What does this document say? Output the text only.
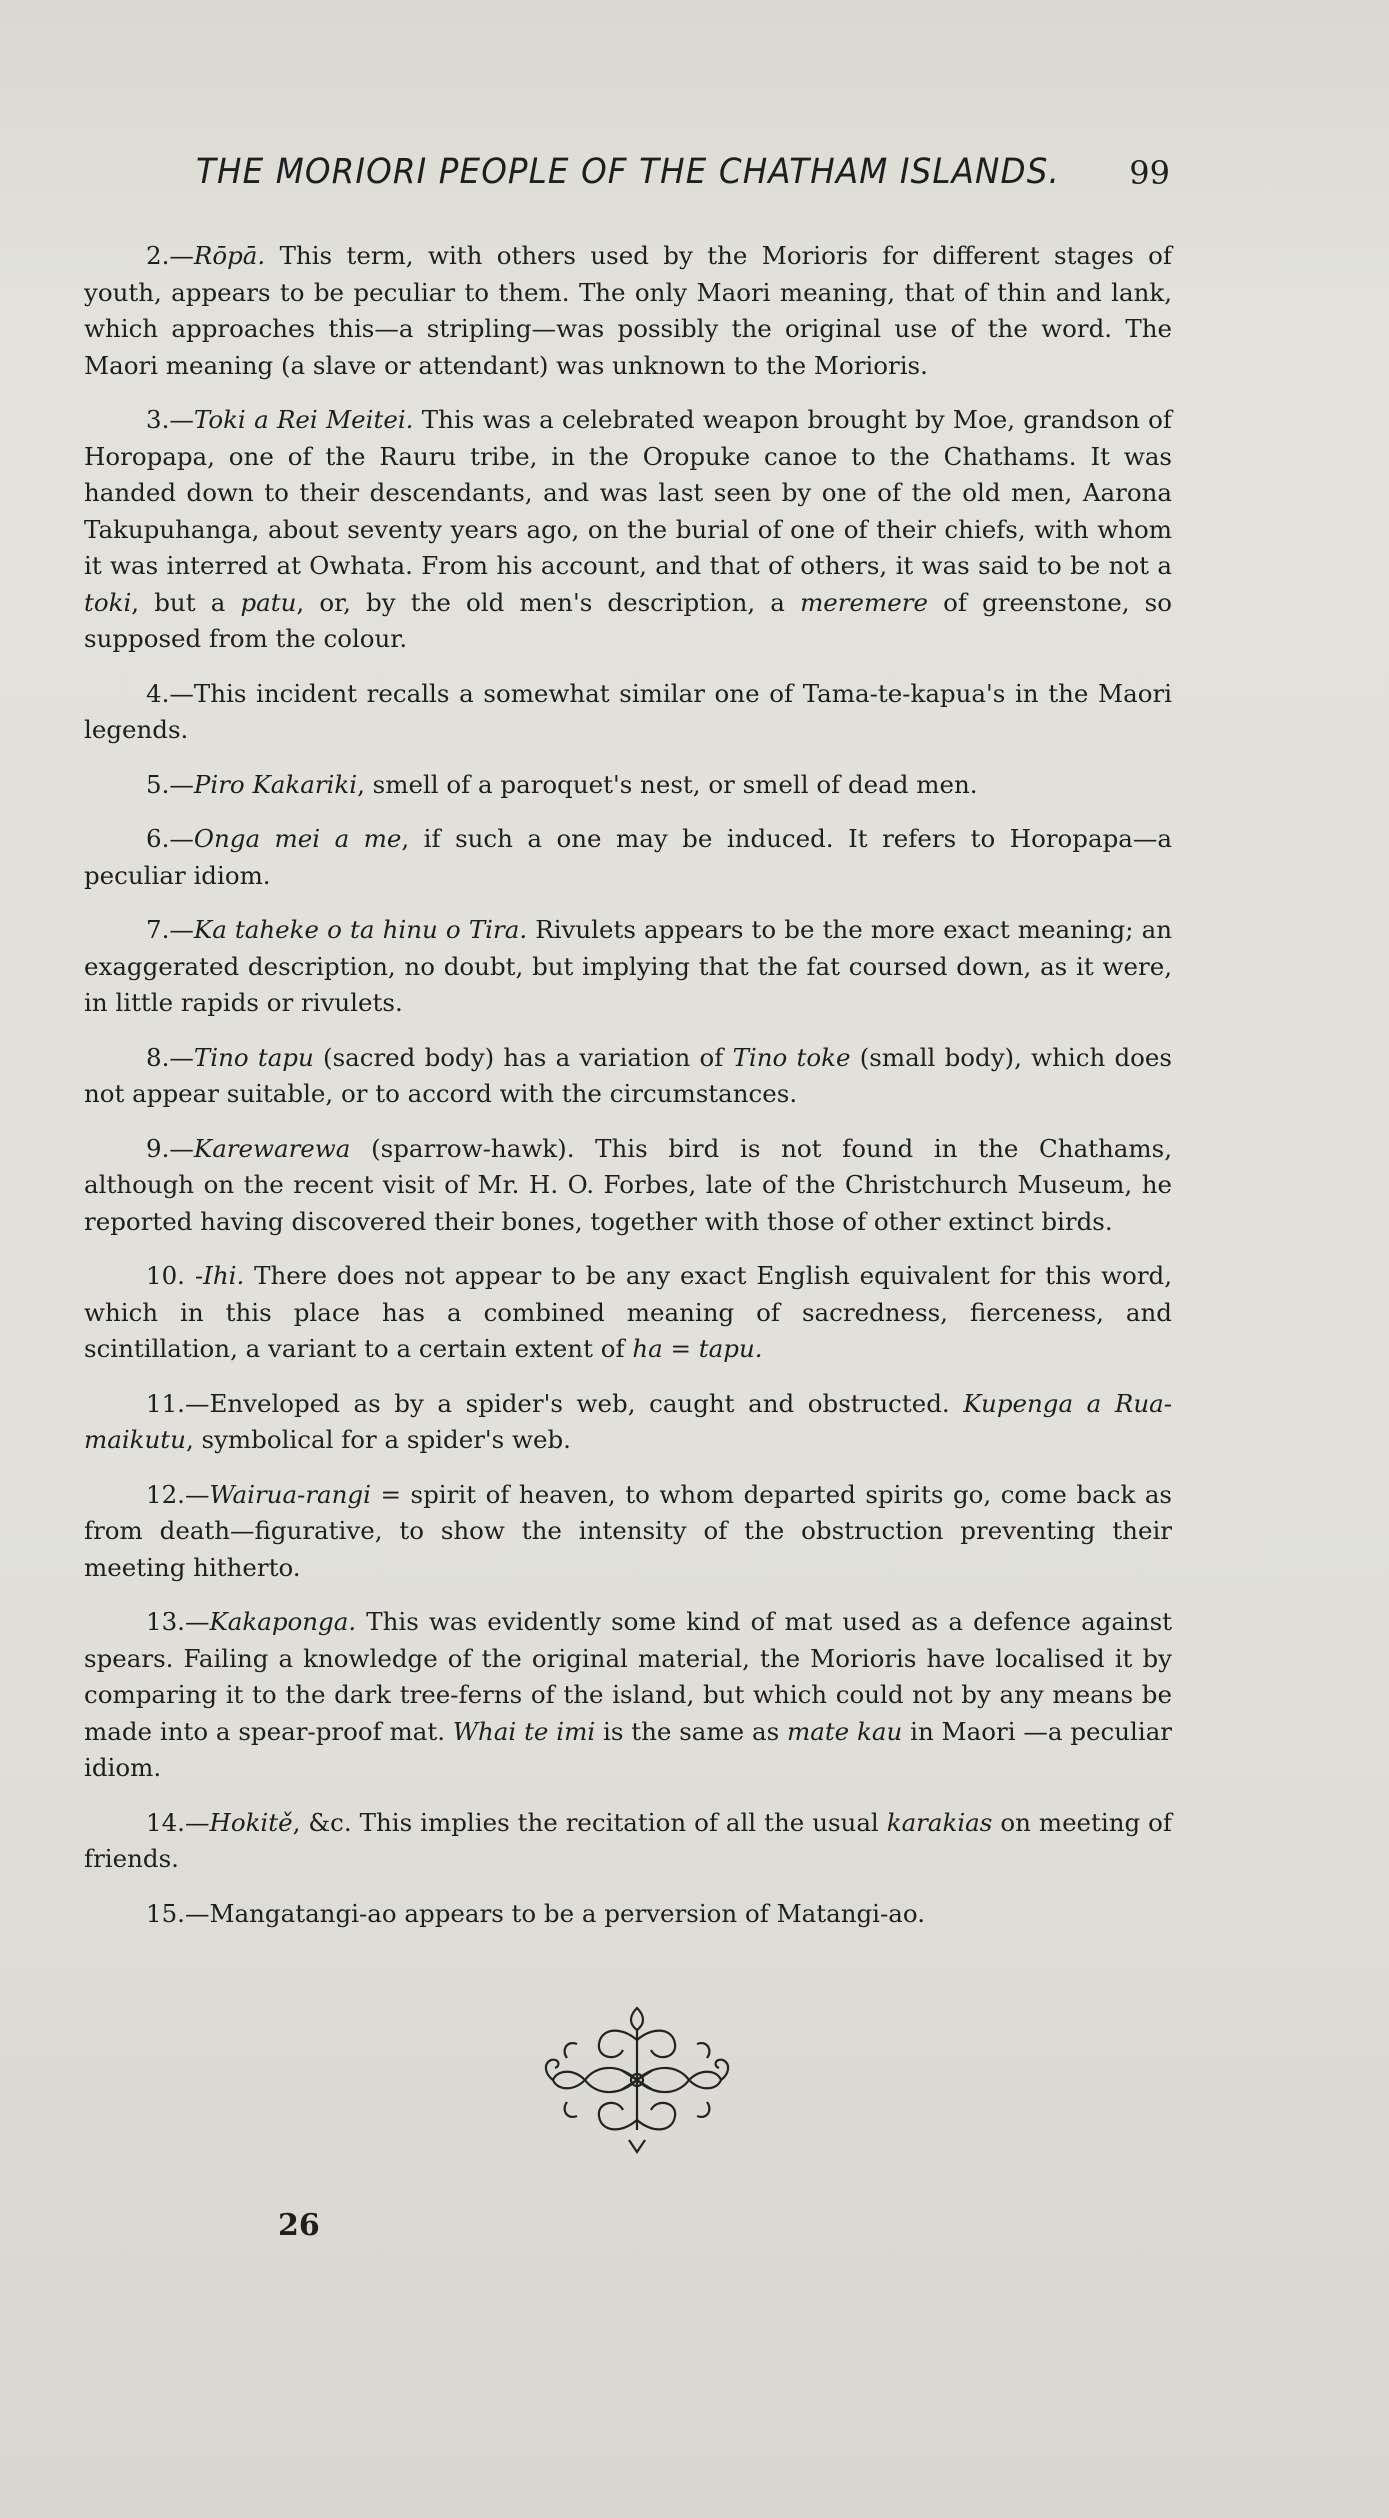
THE MORIORI PEOPLE OF THE CHATHAM ISLANDS. 99

2.—Rōpā. This term, with others used by the Morioris for different stages of youth, appears to be peculiar to them. The only Maori meaning, that of thin and lank, which approaches this—a stripling—was possibly the original use of the word. The Maori meaning (a slave or attendant) was unknown to the Morioris.

3.—Toki a Rei Meitei. This was a celebrated weapon brought by Moe, grandson of Horopapa, one of the Rauru tribe, in the Oropuke canoe to the Chathams. It was handed down to their descendants, and was last seen by one of the old men, Aarona Takupuhanga, about seventy years ago, on the burial of one of their chiefs, with whom it was interred at Owhata. From his account, and that of others, it was said to be not a toki, but a patu, or, by the old men's description, a meremere of greenstone, so supposed from the colour.

4.—This incident recalls a somewhat similar one of Tama-te-kapua's in the Maori legends.

5.—Piro Kakariki, smell of a paroquet's nest, or smell of dead men.

6.—Onga mei a me, if such a one may be induced. It refers to Horopapa—a peculiar idiom.

7.—Ka taheke o ta hinu o Tira. Rivulets appears to be the more exact meaning; an exaggerated description, no doubt, but implying that the fat coursed down, as it were, in little rapids or rivulets.

8.—Tino tapu (sacred body) has a variation of Tino toke (small body), which does not appear suitable, or to accord with the circumstances.

9.—Karewarewa (sparrow-hawk). This bird is not found in the Chathams, although on the recent visit of Mr. H. O. Forbes, late of the Christchurch Museum, he reported having discovered their bones, together with those of other extinct birds.

10. -Ihi. There does not appear to be any exact English equivalent for this word, which in this place has a combined meaning of sacredness, fierceness, and scintillation, a variant to a certain extent of ha = tapu.

11.—Enveloped as by a spider's web, caught and obstructed. Kupenga a Rua-maikutu, symbolical for a spider's web.

12.—Wairua-rangi = spirit of heaven, to whom departed spirits go, come back as from death—figurative, to show the intensity of the obstruction preventing their meeting hitherto.

13.—Kakaponga. This was evidently some kind of mat used as a defence against spears. Failing a knowledge of the original material, the Morioris have localised it by comparing it to the dark tree-ferns of the island, but which could not by any means be made into a spear-proof mat. Whai te imi is the same as mate kau in Maori —a peculiar idiom.

14.—Hokitě, &c. This implies the recitation of all the usual karakias on meeting of friends.

15.—Mangatangi-ao appears to be a perversion of Matangi-ao.

26
